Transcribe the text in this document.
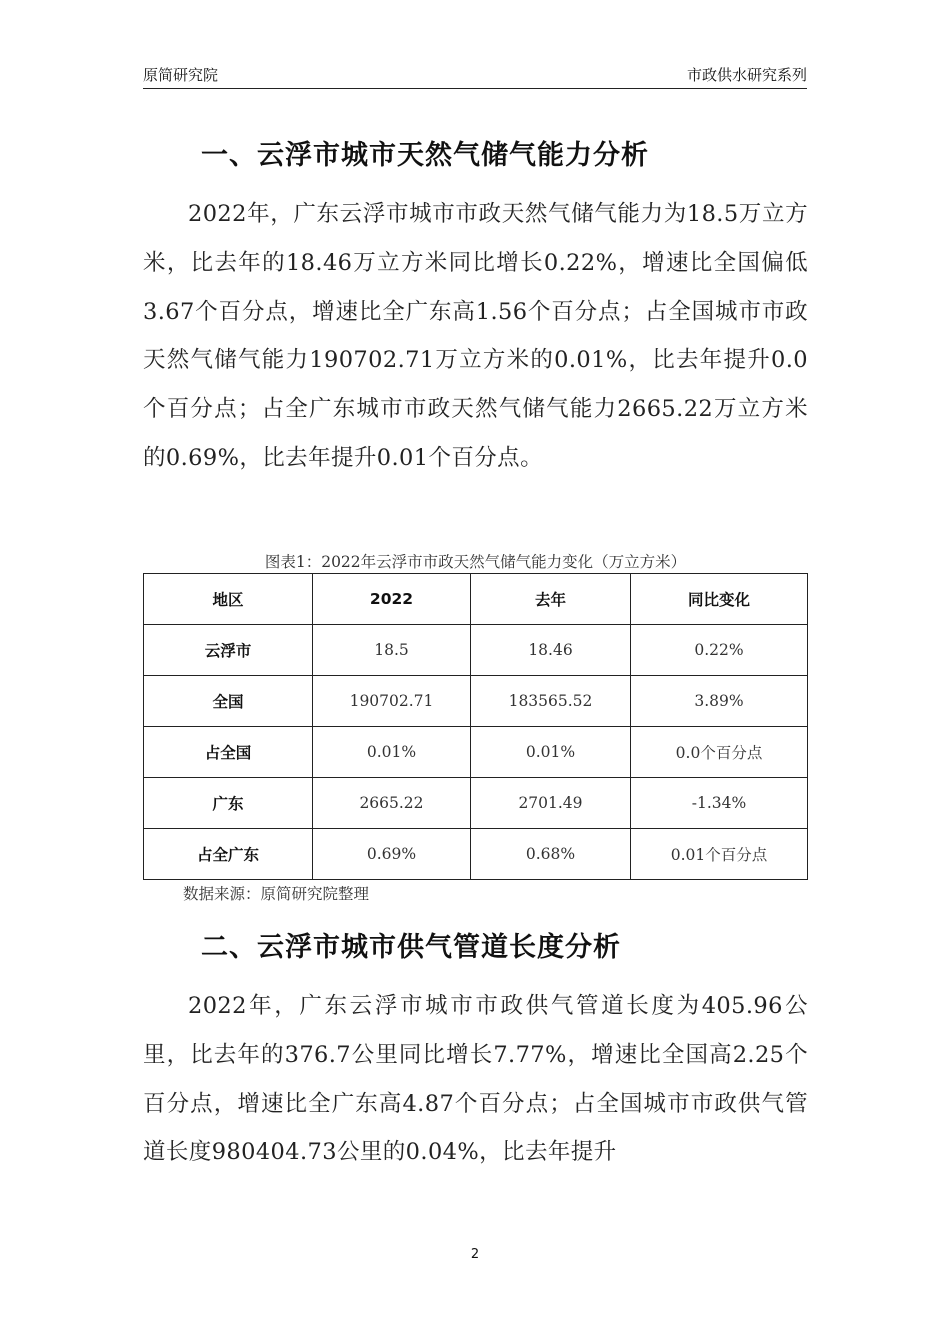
原简研究院	市政供水研究系列
一、云浮市城市天然气储气能力分析

2022年，广东云浮市城市市政天然气储气能力为18.5万立方米，比去年的18.46万立方米同比增长0.22%，增速比全国偏低3.67个百分点，增速比全广东高1.56个百分点；占全国城市市政天然气储气能力190702.71万立方米的0.01%，比去年提升0.0个百分点；占全广东城市市政天然气储气能力2665.22万立方米的0.69%，比去年提升0.01个百分点。

图表1：2022年云浮市市政天然气储气能力变化（万立方米）
地区	2022	去年	同比变化
云浮市	18.5	18.46	0.22%
全国	190702.71	183565.52	3.89%
占全国	0.01%	0.01%	0.0个百分点
广东	2665.22	2701.49	-1.34%
占全广东	0.69%	0.68%	0.01个百分点
数据来源：原简研究院整理
二、云浮市城市供气管道长度分析

2022年，广东云浮市城市市政供气管道长度为405.96公里，比去年的376.7公里同比增长7.77%，增速比全国高2.25个百分点，增速比全广东高4.87个百分点；占全国城市市政供气管道长度980404.73公里的0.04%，比去年提升

2
